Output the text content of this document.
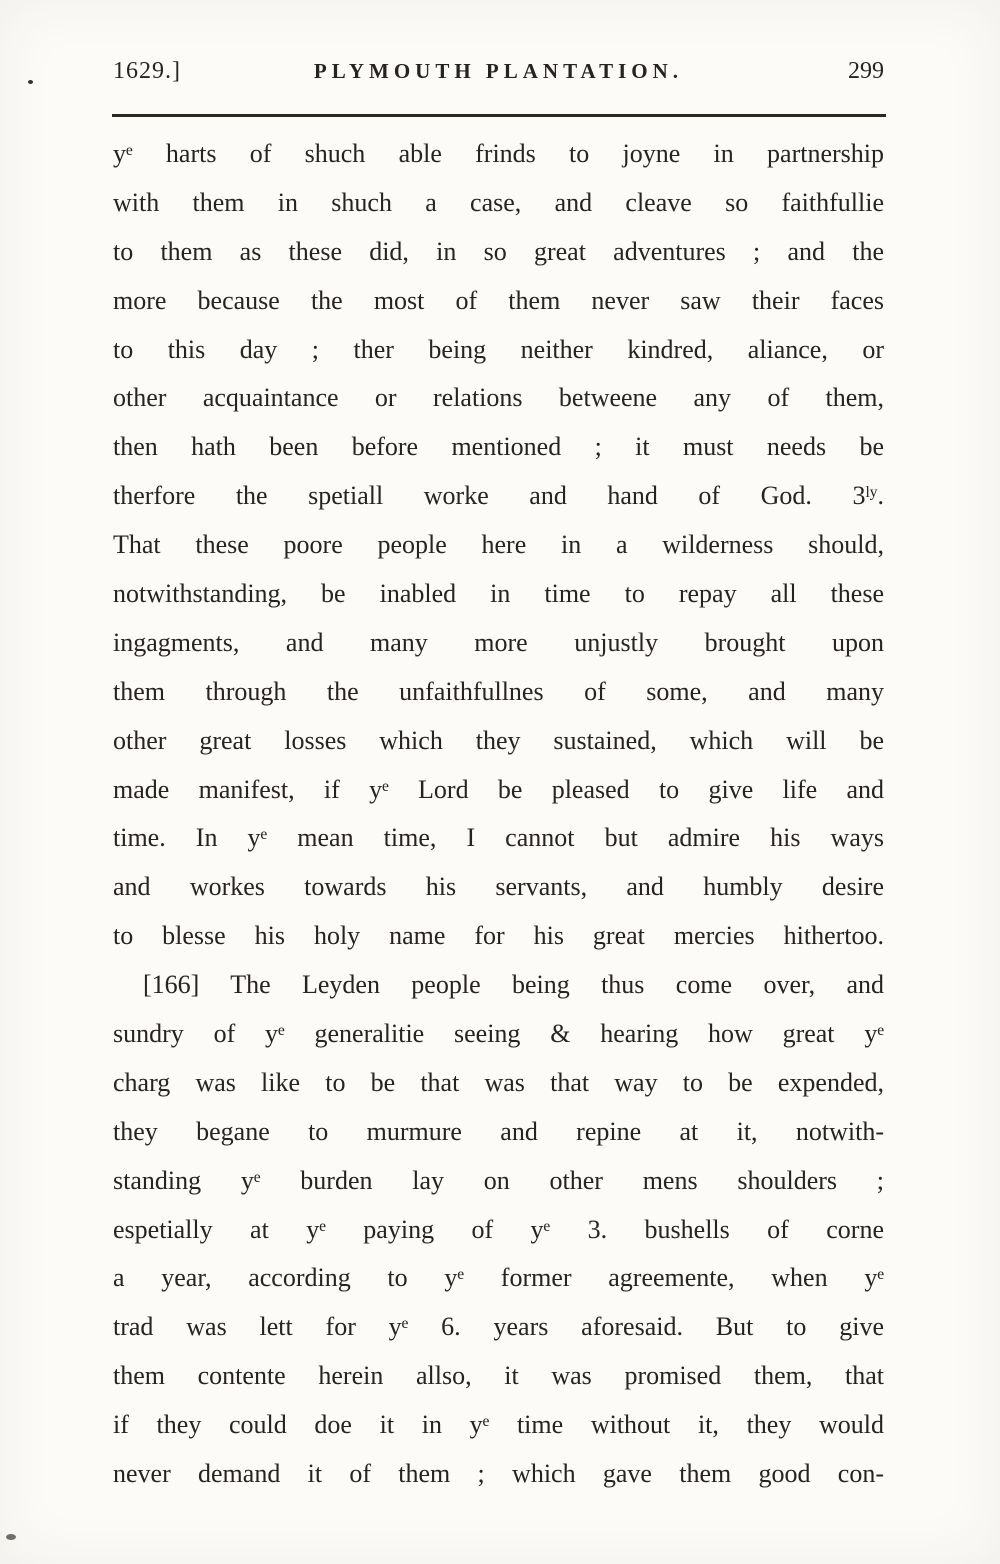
1629.]	PLYMOUTH PLANTATION.	299
yᵉ harts of shuch able frinds to joyne in partnership
with them in shuch a case, and cleave so faithfullie
to them as these did, in so great adventures ; and the
more because the most of them never saw their faces
to this day ; ther being neither kindred, aliance, or
other acquaintance or relations betweene any of them,
then hath been before mentioned ; it must needs be
therfore the spetiall worke and hand of God. 3ˡʸ.
That these poore people here in a wilderness should,
notwithstanding, be inabled in time to repay all these
ingagments, and many more unjustly brought upon
them through the unfaithfullnes of some, and many
other great losses which they sustained, which will be
made manifest, if yᵉ Lord be pleased to give life and
time. In yᵉ mean time, I cannot but admire his ways
and workes towards his servants, and humbly desire
to blesse his holy name for his great mercies hithertoo.
[166] The Leyden people being thus come over, and
sundry of yᵉ generalitie seeing & hearing how great yᵉ
charg was like to be that was that way to be expended,
they begane to murmure and repine at it, notwith-
standing yᵉ burden lay on other mens shoulders ;
espetially at yᵉ paying of yᵉ 3. bushells of corne
a year, according to yᵉ former agreemente, when yᵉ
trad was lett for yᵉ 6. years aforesaid. But to give
them contente herein allso, it was promised them, that
if they could doe it in yᵉ time without it, they would
never demand it of them ; which gave them good con-
